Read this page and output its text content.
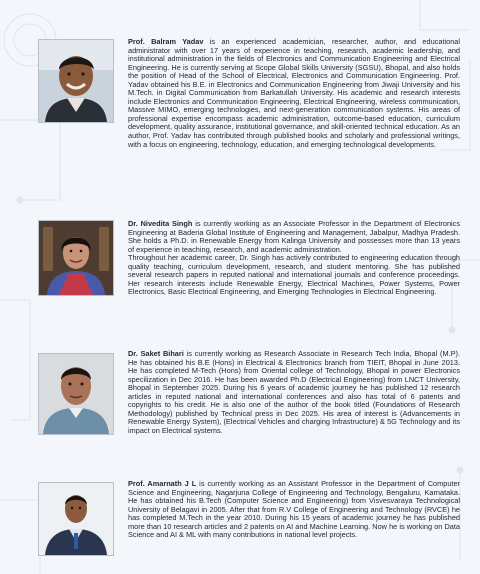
Prof. Balram Yadav is an experienced academician, researcher, author, and educational administrator with over 17 years of experience in teaching, research, academic leadership, and institutional administration in the fields of Electronics and Communication Engineering and Electrical Engineering. He is currently serving at Scope Global Skills University (SGSU), Bhopal, and also holds the position of Head of the School of Electrical, Electronics and Communication Engineering. Prof. Yadav obtained his B.E. in Electronics and Communication Engineering from Jiwaji University and his M.Tech. in Digital Communication from Barkatullah University. His academic and research interests include Electronics and Communication Engineering, Electrical Engineering, wireless communication, Massive MIMO, emerging technologies, and next-generation communication systems. His areas of professional expertise encompass academic administration, outcome-based education, curriculum development, quality assurance, institutional governance, and skill-oriented technical education. As an author, Prof. Yadav has contributed through published books and scholarly and professional writings, with a focus on engineering, technology, education, and emerging technological developments.

Dr. Nivedita Singh is currently working as an Associate Professor in the Department of Electronics Engineering at Baderia Global Institute of Engineering and Management, Jabalpur, Madhya Pradesh. She holds a Ph.D. in Renewable Energy from Kalinga University and possesses more than 13 years of experience in teaching, research, and academic administration.
Throughout her academic career, Dr. Singh has actively contributed to engineering education through quality teaching, curriculum development, research, and student mentoring. She has published several research papers in reputed national and international journals and conference proceedings. Her research interests include Renewable Energy, Electrical Machines, Power Systems, Power Electronics, Basic Electrical Engineering, and Emerging Technologies in Electrical Engineering.

Dr. Saket Bihari is currently working as Research Associate in Research Tech India, Bhopal (M.P). He has obtained his B.E (Hons) in Electrical & Electronics branch from TIEIT, Bhopal in June 2013. He has completed M-Tech (Hons) from Oriental college of Technology, Bhopal in power Electronics specilization in Dec 2016. He has been awarded Ph.D (Electrical Engineering) from LNCT University, Bhopal in September 2025. During his 6 years of academic journey he has published 12 research articles in reputed national and international conferences and also has total of 6 patents and copyrights to his credit. He is also one of the author of the book titled (Foundations of Research Methodology) published by Technical press in Dec 2025. His area of interest is (Advancements in Renewable Energy System), (Electrical Vehicles and charging Infrastructure) & 5G Technology and its impact on Electrical systems.

Prof. Amarnath J L is currently working as an Assistant Professor in the Department of Computer Science and Engineering, Nagarjuna College of Engineering and Technology, Bengaluru, Karnataka. He has obtained his B.Tech (Computer Science and Engineering) from Visvesvaraya Technological University of Belagavi in 2005. After that from R.V College of Engineering and Technology (RVCE) he has completed M.Tech in the year 2010. During his 15 years of academic journey he has published more than 10 research articles and 2 patents on AI and Machine Learning. Now he is working on Data Science and AI & ML with many contributions in national level projects.
